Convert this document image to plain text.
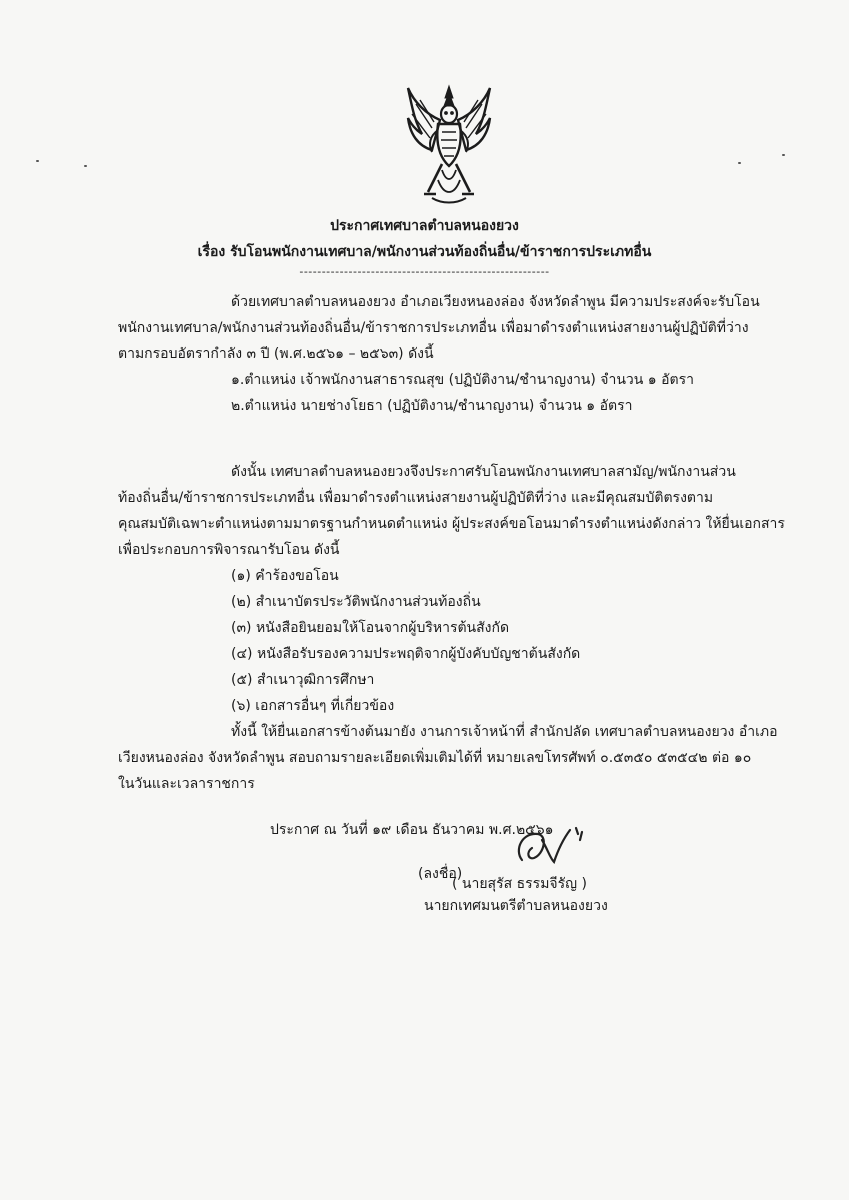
ประกาศเทศบาลตำบลหนองยวง
เรื่อง รับโอนพนักงานเทศบาล/พนักงานส่วนท้องถิ่นอื่น/ข้าราชการประเภทอื่น
--------------------------------------------------------
ด้วยเทศบาลตำบลหนองยวง อำเภอเวียงหนองล่อง จังหวัดลำพูน มีความประสงค์จะรับโอน
พนักงานเทศบาล/พนักงานส่วนท้องถิ่นอื่น/ข้าราชการประเภทอื่น เพื่อมาดำรงตำแหน่งสายงานผู้ปฏิบัติที่ว่าง
ตามกรอบอัตรากำลัง ๓ ปี (พ.ศ.๒๕๖๑ – ๒๕๖๓) ดังนี้
๑.ตำแหน่ง เจ้าพนักงานสาธารณสุข (ปฏิบัติงาน/ชำนาญงาน) จำนวน ๑ อัตรา
๒.ตำแหน่ง นายช่างโยธา (ปฏิบัติงาน/ชำนาญงาน) จำนวน ๑ อัตรา
ดังนั้น เทศบาลตำบลหนองยวงจึงประกาศรับโอนพนักงานเทศบาลสามัญ/พนักงานส่วน
ท้องถิ่นอื่น/ข้าราชการประเภทอื่น เพื่อมาดำรงตำแหน่งสายงานผู้ปฏิบัติที่ว่าง และมีคุณสมบัติตรงตาม
คุณสมบัติเฉพาะตำแหน่งตามมาตรฐานกำหนดตำแหน่ง ผู้ประสงค์ขอโอนมาดำรงตำแหน่งดังกล่าว ให้ยื่นเอกสาร
เพื่อประกอบการพิจารณารับโอน ดังนี้
(๑) คำร้องขอโอน
(๒) สำเนาบัตรประวัติพนักงานส่วนท้องถิ่น
(๓) หนังสือยินยอมให้โอนจากผู้บริหารต้นสังกัด
(๔) หนังสือรับรองความประพฤติจากผู้บังคับบัญชาต้นสังกัด
(๕) สำเนาวุฒิการศึกษา
(๖) เอกสารอื่นๆ ที่เกี่ยวข้อง
ทั้งนี้ ให้ยื่นเอกสารข้างต้นมายัง งานการเจ้าหน้าที่ สำนักปลัด เทศบาลตำบลหนองยวง อำเภอ
เวียงหนองล่อง จังหวัดลำพูน สอบถามรายละเอียดเพิ่มเติมได้ที่ หมายเลขโทรศัพท์ ๐.๕๓๕๐ ๕๓๕๔๒ ต่อ ๑๐
ในวันและเวลาราชการ
ประกาศ ณ วันที่ ๑๙ เดือน ธันวาคม พ.ศ.๒๕๖๑
(ลงชื่อ)
( นายสุรัส ธรรมจีรัญ )
นายกเทศมนตรีตำบลหนองยวง
